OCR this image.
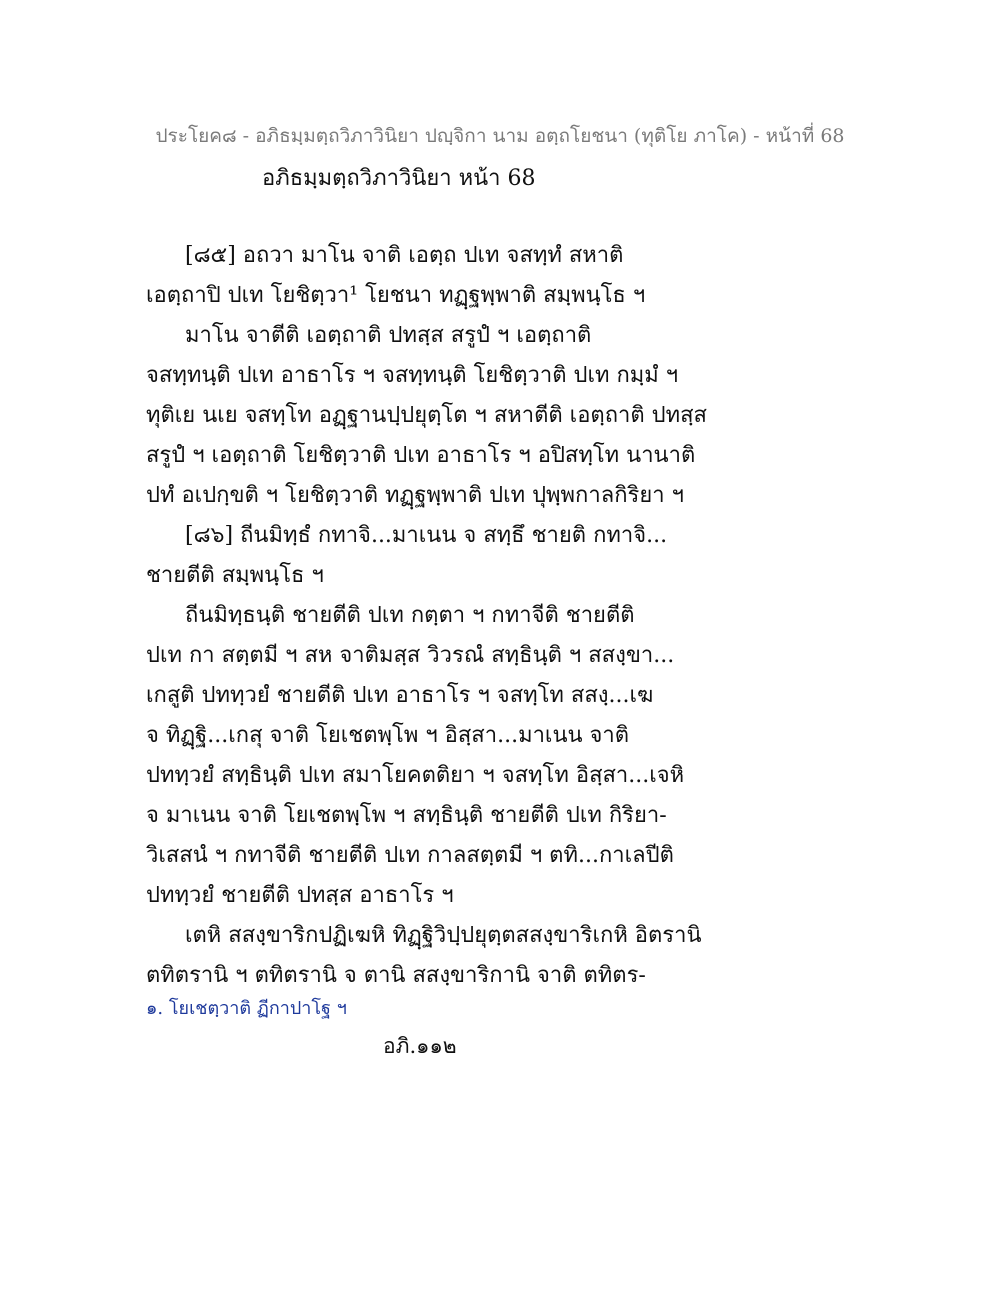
ประโยค๘ - อภิธมฺมตฺถวิภาวินิยา ปญฺจิกา นาม อตฺถโยชนา (ทุติโย ภาโค) - หน้าที่ 68
อภิธมฺมตฺถวิภาวินิยา หน้า 68
[๘๕] อถวา มาโน จาติ เอตฺถ ปเท จสทฺทํ สหาติ
เอตฺถาปิ ปเท โยชิตฺวา¹ โยชนา ทฏฺฐพฺพาติ สมฺพนฺโธ ฯ
มาโน จาตีติ เอตฺถาติ ปทสฺส สรูปํ ฯ เอตฺถาติ
จสทฺทนฺติ ปเท อาธาโร ฯ จสทฺทนฺติ โยชิตฺวาติ ปเท กมฺมํ ฯ
ทุติเย นเย จสทฺโท อฏฺฐานปฺปยุตฺโต ฯ สหาตีติ เอตฺถาติ ปทสฺส
สรูปํ ฯ เอตฺถาติ โยชิตฺวาติ ปเท อาธาโร ฯ อปิสทฺโท นานาติ
ปทํ อเปกฺขติ ฯ โยชิตฺวาติ ทฏฺฐพฺพาติ ปเท ปุพฺพกาลกิริยา ฯ
[๘๖] ถีนมิทฺธํ กทาจิ...มาเนน จ สทฺธึ ชายติ กทาจิ...
ชายตีติ สมฺพนฺโธ ฯ
ถีนมิทฺธนฺติ ชายตีติ ปเท กตฺตา ฯ กทาจีติ ชายตีติ
ปเท กา สตฺตมี ฯ สห จาติมสฺส วิวรณํ สทฺธินฺติ ฯ สสงฺขา...
เกสูติ ปททฺวยํ ชายตีติ ปเท อาธาโร ฯ จสทฺโท สสงฺ...เฆ
จ ทิฏฺฐิ...เกสุ จาติ โยเชตพฺโพ ฯ อิสฺสา...มาเนน จาติ
ปททฺวยํ สทฺธินฺติ ปเท สมาโยคตติยา ฯ จสทฺโท อิสฺสา...เจหิ
จ มาเนน จาติ โยเชตพฺโพ ฯ สทฺธินฺติ ชายตีติ ปเท กิริยา-
วิเสสนํ ฯ กทาจีติ ชายตีติ ปเท กาลสตฺตมี ฯ ตทิ...กาเลปีติ
ปททฺวยํ ชายตีติ ปทสฺส อาธาโร ฯ
เตหิ สสงฺขาริกปฏิเฆหิ ทิฏฺฐิวิปฺปยุตฺตสสงฺขาริเกหิ อิตรานิ
ตทิตรานิ ฯ ตทิตรานิ จ ตานิ สสงฺขาริกานิ จาติ ตทิตร-
๑. โยเชตฺวาติ ฏีกาปาโฐ ฯ
อภิ.๑๑๒
